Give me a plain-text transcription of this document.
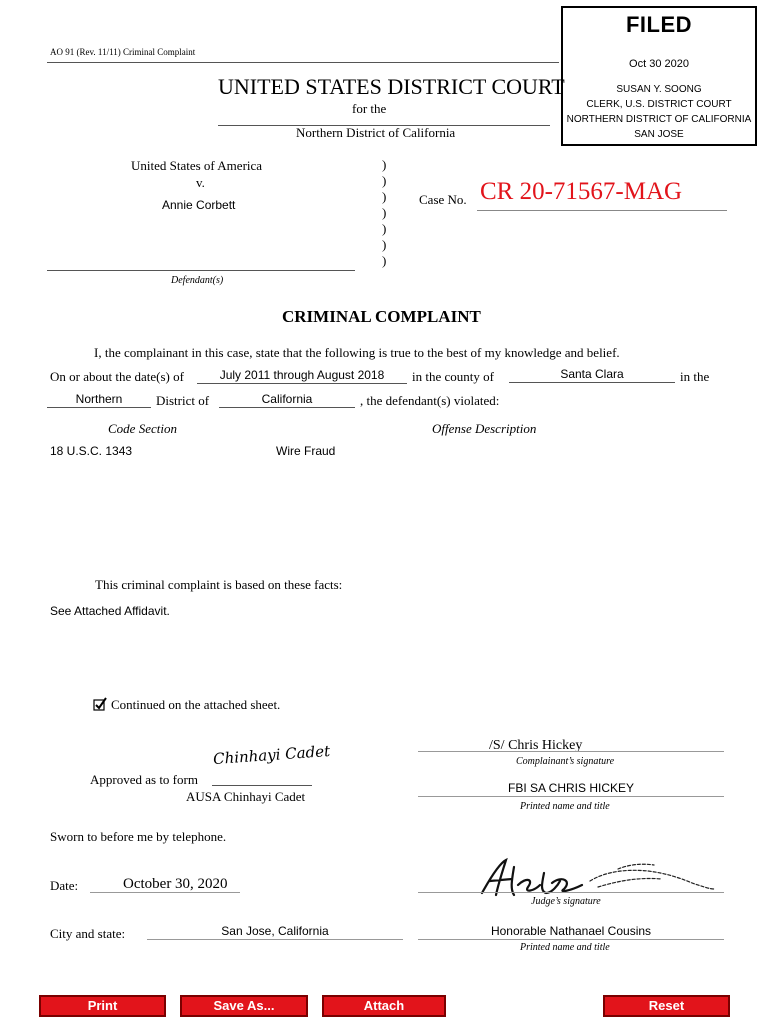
AO 91 (Rev. 11/11) Criminal Complaint
FILED
Oct 30 2020
SUSAN Y. SOONG
CLERK, U.S. DISTRICT COURT
NORTHERN DISTRICT OF CALIFORNIA
SAN JOSE
UNITED STATES DISTRICT COURT
for the
Northern District of California
United States of America
v.
Annie Corbett
Defendant(s)
)
)
)
)
)
)
)
Case No. CR 20-71567-MAG
CRIMINAL COMPLAINT
I, the complainant in this case, state that the following is true to the best of my knowledge and belief.
On or about the date(s) of	July 2011 through August 2018	in the county of	Santa Clara	in the
Northern	District of	California	, the defendant(s) violated:
Code Section	Offense Description
18 U.S.C. 1343	Wire Fraud
This criminal complaint is based on these facts:
See Attached Affidavit.
Continued on the attached sheet.
/S/ Chris Hickey
Complainant’s signature
FBI SA CHRIS HICKEY
Printed name and title
Chinhayi Cadet
Approved as to form
AUSA Chinhayi Cadet
Sworn to before me by telephone.
Date:	October 30, 2020
Judge’s signature
City and state:	San Jose, California	Honorable Nathanael Cousins
Printed name and title
Print	Save As...	Attach	Reset
